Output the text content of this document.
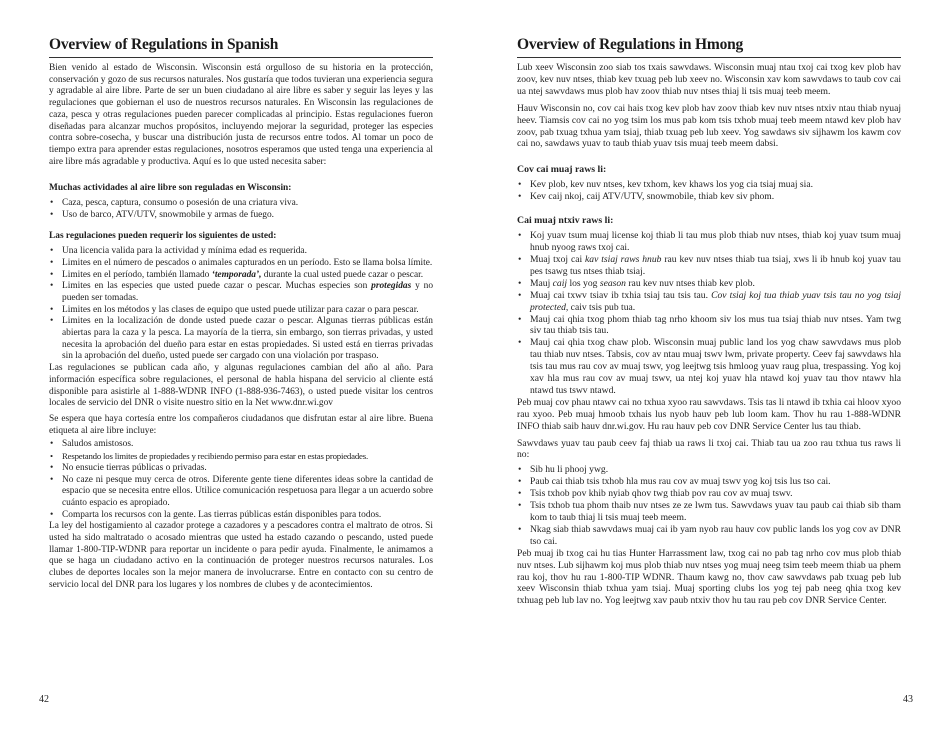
Overview of Regulations in Spanish

Bien venido al estado de Wisconsin. Wisconsin está orgulloso de su historia en la protección, conservación y gozo de sus recursos naturales. Nos gustaría que todos tuvieran una experiencia segura y agradable al aire libre. Parte de ser un buen ciudadano al aire libre es saber y seguir las leyes y las regulaciones que gobiernan el uso de nuestros recursos naturales. En Wisconsin las regulaciones de caza, pesca y otras regulaciones pueden parecer complicadas al principio. Estas regulaciones fueron diseñadas para alcanzar muchos propósitos, incluyendo mejorar la seguridad, proteger las especies contra sobre-cosecha, y buscar una distribución justa de recursos entre todos. Al tomar un poco de tiempo extra para aprender estas regulaciones, nosotros esperamos que usted tenga una experiencia al aire libre más agradable y productiva. Aquí es lo que usted necesita saber:

Muchas actividades al aire libre son reguladas en Wisconsin:
• Caza, pesca, captura, consumo o posesión de una criatura viva.
• Uso de barco, ATV/UTV, snowmobile y armas de fuego.
Las regulaciones pueden requerir los siguientes de usted:
• Una licencia valida para la actividad y mínima edad es requerida.
• Limites en el número de pescados o animales capturados en un período. Esto se llama bolsa límite.
• Limites en el período, también llamado ‘temporada’, durante la cual usted puede cazar o pescar.
• Limites en las especies que usted puede cazar o pescar. Muchas especies son protegidas y no pueden ser tomadas.
• Limites en los métodos y las clases de equipo que usted puede utilizar para cazar o para pescar.
• Limites en la localización de donde usted puede cazar o pescar. Algunas tierras públicas están abiertas para la caza y la pesca. La mayoría de la tierra, sin embargo, son tierras privadas, y usted necesita la aprobación del dueño para estar en estas propiedades. Si usted está en tierras privadas sin la aprobación del dueño, usted puede ser cargado con una violación por traspaso.

Las regulaciones se publican cada año, y algunas regulaciones cambian del año al año. Para información específica sobre regulaciones, el personal de habla hispana del servicio al cliente está disponible para asistirle al 1-888-WDNR INFO (1-888-936-7463), o usted puede visitar los centros locales de servicio del DNR o visite nuestro sitio en la Net www.dnr.wi.gov

Se espera que haya cortesía entre los compañeros ciudadanos que disfrutan estar al aire libre. Buena etiqueta al aire libre incluye:

• Saludos amistosos.
• Respetando los limites de propiedades y recibiendo permiso para estar en estas propiedades.
• No ensucie tierras públicas o privadas.
• No caze ni pesque muy cerca de otros. Diferente gente tiene diferentes ideas sobre la cantidad de espacio que se necesita entre ellos. Utilice comunicación respetuosa para llegar a un acuerdo sobre cuánto espacio es apropiado.
• Comparta los recursos con la gente. Las tierras públicas están disponibles para todos.

La ley del hostigamiento al cazador protege a cazadores y a pescadores contra el maltrato de otros. Si usted ha sido maltratado o acosado mientras que usted ha estado cazando o pescando, usted puede llamar 1-800-TIP-WDNR para reportar un incidente o para pedir ayuda. Finalmente, le animamos a que se haga un ciudadano activo en la continuación de proteger nuestros recursos naturales. Los clubes de deportes locales son la mejor manera de involucrarse. Entre en contacto con su centro de servicio local del DNR para los lugares y los nombres de clubes y de acontecimientos.

42
Overview of Regulations in Hmong

Lub xeev Wisconsin zoo siab tos txais sawvdaws. Wisconsin muaj ntau txoj cai txog kev plob hav zoov, kev nuv ntses, thiab kev txuag peb lub xeev no. Wisconsin xav kom sawvdaws to taub cov cai ua ntej sawvdaws mus plob hav zoov thiab nuv ntses thiaj li tsis muaj teeb meem.

Hauv Wisconsin no, cov cai hais txog kev plob hav zoov thiab kev nuv ntses ntxiv ntau thiab nyuaj heev. Tiamsis cov cai no yog tsim los mus pab kom tsis txhob muaj teeb meem ntawd kev plob hav zoov, pab txuag txhua yam tsiaj, thiab txuag peb lub xeev. Yog sawdaws siv sijhawm los kawm cov cai no, sawdaws yuav to taub thiab yuav tsis muaj teeb meem dabsi.

Cov cai muaj raws li:
• Kev plob, kev nuv ntses, kev txhom, kev khaws los yog cia tsiaj muaj sia.
• Kev caij nkoj, caij ATV/UTV, snowmobile, thiab kev siv phom.
Cai muaj ntxiv raws li:
• Koj yuav tsum muaj license koj thiab li tau mus plob thiab nuv ntses, thiab koj yuav tsum muaj hnub nyoog raws txoj cai.
• Muaj txoj cai kav tsiaj raws hnub rau kev nuv ntses thiab tua tsiaj, xws li ib hnub koj yuav tau pes tsawg tus ntses thiab tsiaj.
• Mauj caij los yog season rau kev nuv ntses thiab kev plob.
• Muaj cai txwv tsiav ib txhia tsiaj tau tsis tau. Cov tsiaj koj tua thiab yuav tsis tau no yog tsiaj protected, caiv tsis pub tua.
• Mauj cai qhia txog phom thiab tag nrho khoom siv los mus tua tsiaj thiab nuv ntses. Yam twg siv tau thiab tsis tau.
• Mauj cai qhia txog chaw plob. Wisconsin muaj public land los yog chaw sawvdaws mus plob tau thiab nuv ntses. Tabsis, cov av ntau muaj tswv lwm, private property. Ceev faj sawvdaws hla tsis tau mus rau cov av muaj tswv, yog leejtwg tsis hmloog yuav raug plua, trespassing. Yog koj xav hla mus rau cov av muaj tswv, ua ntej koj yuav hla ntawd koj yuav tau thov ntawv hla ntawd tus tswv ntawd.

Peb muaj cov phau ntawv cai no txhua xyoo rau sawvdaws. Tsis tas li ntawd ib txhia cai hloov xyoo rau xyoo. Peb muaj hmoob txhais lus nyob hauv peb lub loom kam. Thov hu rau 1-888-WDNR INFO thiab saib hauv dnr.wi.gov. Hu rau hauv peb cov DNR Service Center lus tau thiab.

Sawvdaws yuav tau paub ceev faj thiab ua raws li txoj cai. Thiab tau ua zoo rau txhua tus raws li no:

• Sib hu li phooj ywg.
• Paub cai thiab tsis txhob hla mus rau cov av muaj tswv yog koj tsis lus tso cai.
• Tsis txhob pov khib nyiab qhov twg thiab pov rau cov av muaj tswv.
• Tsis txhob tua phom thaib nuv ntses ze ze lwm tus. Sawvdaws yuav tau paub cai thiab sib tham kom to taub thiaj li tsis muaj teeb meem.
• Nkag siab thiab sawvdaws muaj cai ib yam nyob rau hauv cov public lands los yog cov av DNR tso cai.

Peb muaj ib txog cai hu tias Hunter Harrassment law, txog cai no pab tag nrho cov mus plob thiab nuv ntses. Lub sijhawm koj mus plob thiab nuv ntses yog muaj neeg tsim teeb meem thiab ua phem rau koj, thov hu rau 1-800-TIP WDNR. Thaum kawg no, thov caw sawvdaws pab txuag peb lub xeev Wisconsin thiab txhua yam tsiaj. Muaj sporting clubs los yog tej pab neeg qhia txog kev txhuag peb lub lav no. Yog leejtwg xav paub ntxiv thov hu tau rau peb cov DNR Service Center.

43
